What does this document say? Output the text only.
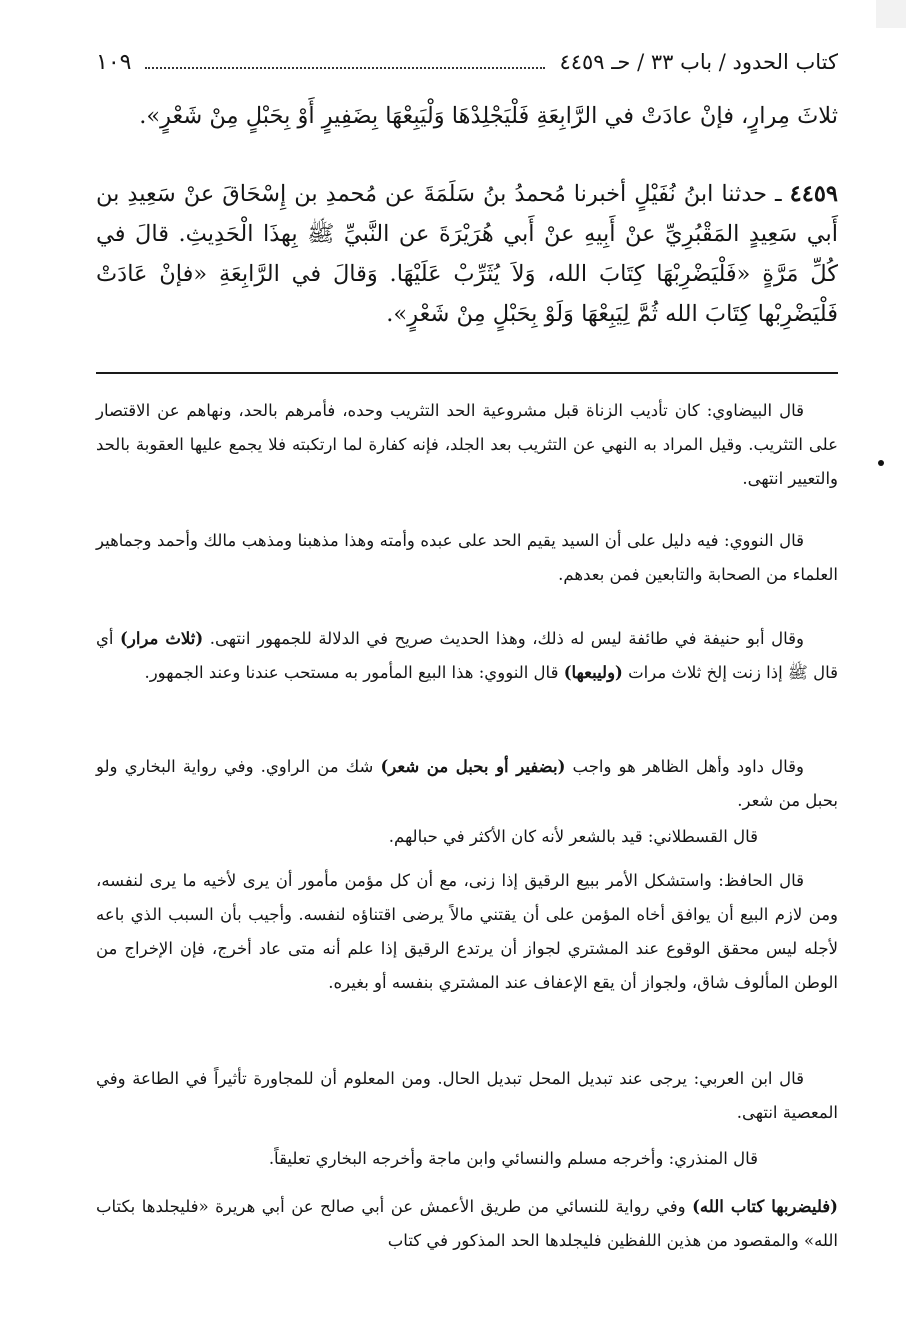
كتاب الحدود / باب ٣٣ / حـ ٤٤٥٩
١٠٩

ثلاثَ مِرارٍ، فإنْ عادَتْ في الرَّابِعَةِ فَلْيَجْلِدْهَا وَلْيَبِعْهَا بِضَفِيرٍ أَوْ بِحَبْلٍ مِنْ شَعْرٍ».

٤٤٥٩ ـ حدثنا ابنُ نُفَيْلٍ أخبرنا مُحمدُ بنُ سَلَمَةَ عن مُحمدِ بن إِسْحَاقَ عنْ سَعِيدِ بن أَبي سَعِيدٍ المَقْبُرِيِّ عنْ أَبِيهِ عنْ أَبي هُرَيْرَةَ عن النَّبيِّ ﷺ بِهذَا الْحَدِيثِ. قالَ في كُلِّ مَرَّةٍ «فَلْيَضْرِبْهَا كِتَابَ الله، وَلاَ يُثَرِّبْ عَلَيْهَا. وَقالَ في الرَّابِعَةِ «فإنْ عَادَتْ فَلْيَضْرِبْها كِتَابَ الله ثُمَّ لِيَبِعْهَا وَلَوْ بِحَبْلٍ مِنْ شَعْرٍ».

قال البيضاوي: كان تأديب الزناة قبل مشروعية الحد التثريب وحده، فأمرهم بالحد، ونهاهم عن الاقتصار على التثريب. وقيل المراد به النهي عن التثريب بعد الجلد، فإنه كفارة لما ارتكبته فلا يجمع عليها العقوبة بالحد والتعيير انتهى.

قال النووي: فيه دليل على أن السيد يقيم الحد على عبده وأمته وهذا مذهبنا ومذهب مالك وأحمد وجماهير العلماء من الصحابة والتابعين فمن بعدهم.

وقال أبو حنيفة في طائفة ليس له ذلك، وهذا الحديث صريح في الدلالة للجمهور انتهى. (ثلاث مرار) أي قال ﷺ إذا زنت إلخ ثلاث مرات (وليبعها) قال النووي: هذا البيع المأمور به مستحب عندنا وعند الجمهور.

وقال داود وأهل الظاهر هو واجب (بضفير أو بحبل من شعر) شك من الراوي. وفي رواية البخاري ولو بحبل من شعر.

قال القسطلاني: قيد بالشعر لأنه كان الأكثر في حبالهم.

قال الحافظ: واستشكل الأمر ببيع الرقيق إذا زنى، مع أن كل مؤمن مأمور أن يرى لأخيه ما يرى لنفسه، ومن لازم البيع أن يوافق أخاه المؤمن على أن يقتني مالاً يرضى اقتناؤه لنفسه. وأجيب بأن السبب الذي باعه لأجله ليس محقق الوقوع عند المشتري لجواز أن يرتدع الرقيق إذا علم أنه متى عاد أخرج، فإن الإخراج من الوطن المألوف شاق، ولجواز أن يقع الإعفاف عند المشتري بنفسه أو بغيره.

قال ابن العربي: يرجى عند تبديل المحل تبديل الحال. ومن المعلوم أن للمجاورة تأثيراً في الطاعة وفي المعصية انتهى.

قال المنذري: وأخرجه مسلم والنسائي وابن ماجة وأخرجه البخاري تعليقاً.

(فليضربها كتاب الله) وفي رواية للنسائي من طريق الأعمش عن أبي صالح عن أبي هريرة «فليجلدها بكتاب الله» والمقصود من هذين اللفظين فليجلدها الحد المذكور في كتاب
